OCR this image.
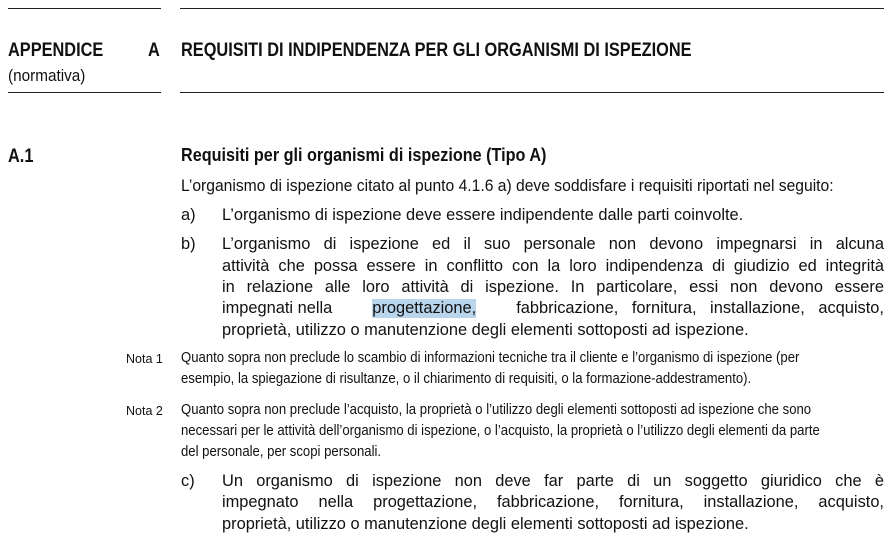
APPENDICE A
(normativa)
REQUISITI DI INDIPENDENZA PER GLI ORGANISMI DI ISPEZIONE
A.1	Requisiti per gli organismi di ispezione (Tipo A)
L’organismo di ispezione citato al punto 4.1.6 a) deve soddisfare i requisiti riportati nel seguito:
a) L’organismo di ispezione deve essere indipendente dalle parti coinvolte.
b) L’organismo di ispezione ed il suo personale non devono impegnarsi in alcuna
attività che possa essere in conflitto con la loro indipendenza di giudizio ed integrità
in relazione alle loro attività di ispezione. In particolare, essi non devono essere
impegnati nella progettazione, fabbricazione, fornitura, installazione, acquisto,
proprietà, utilizzo o manutenzione degli elementi sottoposti ad ispezione.
Nota 1 Quanto sopra non preclude lo scambio di informazioni tecniche tra il cliente e l’organismo di ispezione (per
esempio, la spiegazione di risultanze, o il chiarimento di requisiti, o la formazione-addestramento).
Nota 2 Quanto sopra non preclude l’acquisto, la proprietà o l’utilizzo degli elementi sottoposti ad ispezione che sono
necessari per le attività dell’organismo di ispezione, o l’acquisto, la proprietà o l’utilizzo degli elementi da parte
del personale, per scopi personali.
c) Un organismo di ispezione non deve far parte di un soggetto giuridico che è
impegnato nella progettazione, fabbricazione, fornitura, installazione, acquisto,
proprietà, utilizzo o manutenzione degli elementi sottoposti ad ispezione.
